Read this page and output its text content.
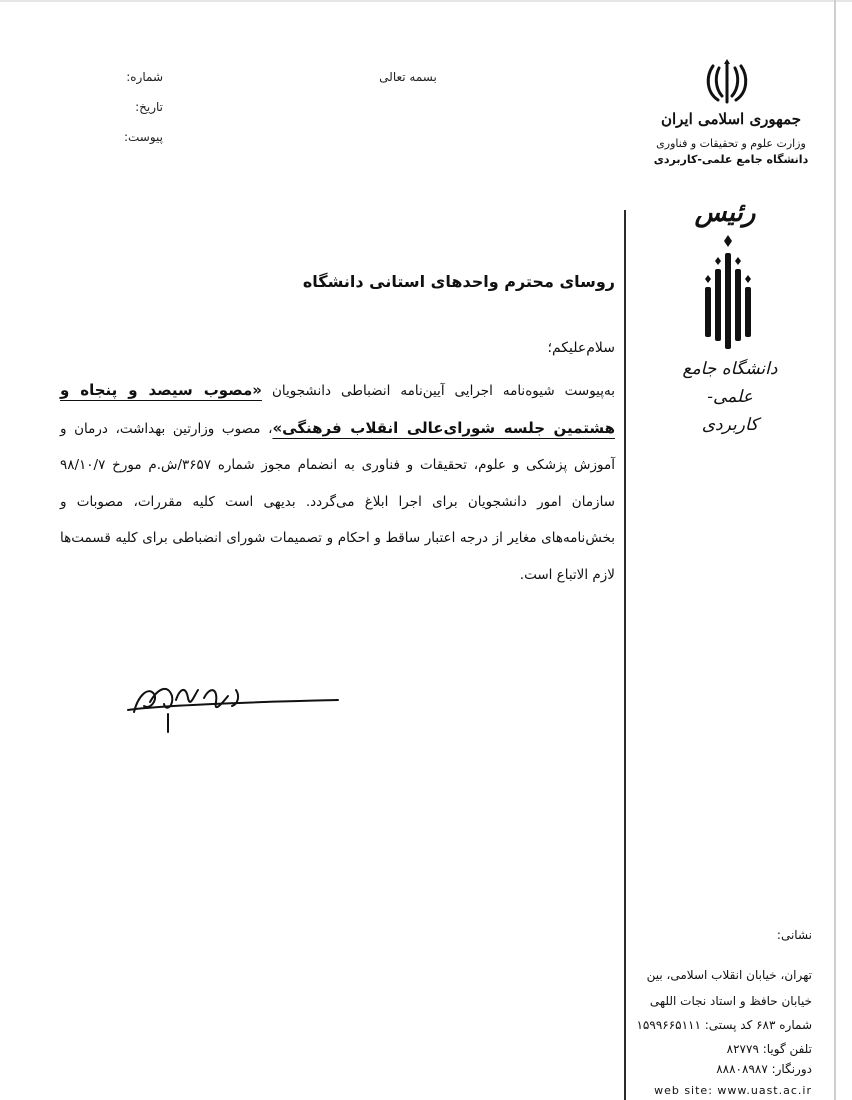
بسمه تعالی
شماره:
تاریخ:
پیوست:
جمهوری اسلامی ایران
وزارت علوم و تحقیقات و فناوری
دانشگاه جامع علمی-کاربردی
رئیس
دانشگاه جامع
علمی-کاربردی
روسای محترم واحدهای استانی دانشگاه
سلام‌علیکم؛
به‌پیوست شیوه‌نامه اجرایی آیین‌نامه انضباطی دانشجویان «مصوب سیصد و پنجاه و هشتمین جلسه شورای‌عالی انقلاب فرهنگی»، مصوب وزارتین بهداشت، درمان و آموزش پزشکی و علوم، تحقیقات و فناوری به انضمام مجوز شماره ۳۶۵۷/ش.م مورخ ۹۸/۱۰/۷ سازمان امور دانشجویان برای اجرا ابلاغ می‌گردد. بدیهی است کلیه مقررات، مصوبات و بخش‌نامه‌های مغایر از درجه اعتبار ساقط و احکام و تصمیمات شورای انضباطی برای کلیه قسمت‌ها لازم الاتباع است.
نشانی:
تهران، خیابان انقلاب اسلامی، بین
خیابان حافظ و استاد نجات اللهی
شماره ۶۸۳ کد پستی: ۱۵۹۹۶۶۵۱۱۱
تلفن گویا: ۸۲۷۷۹
دورنگار: ۸۸۸۰۸۹۸۷
web site: www.uast.ac.ir
